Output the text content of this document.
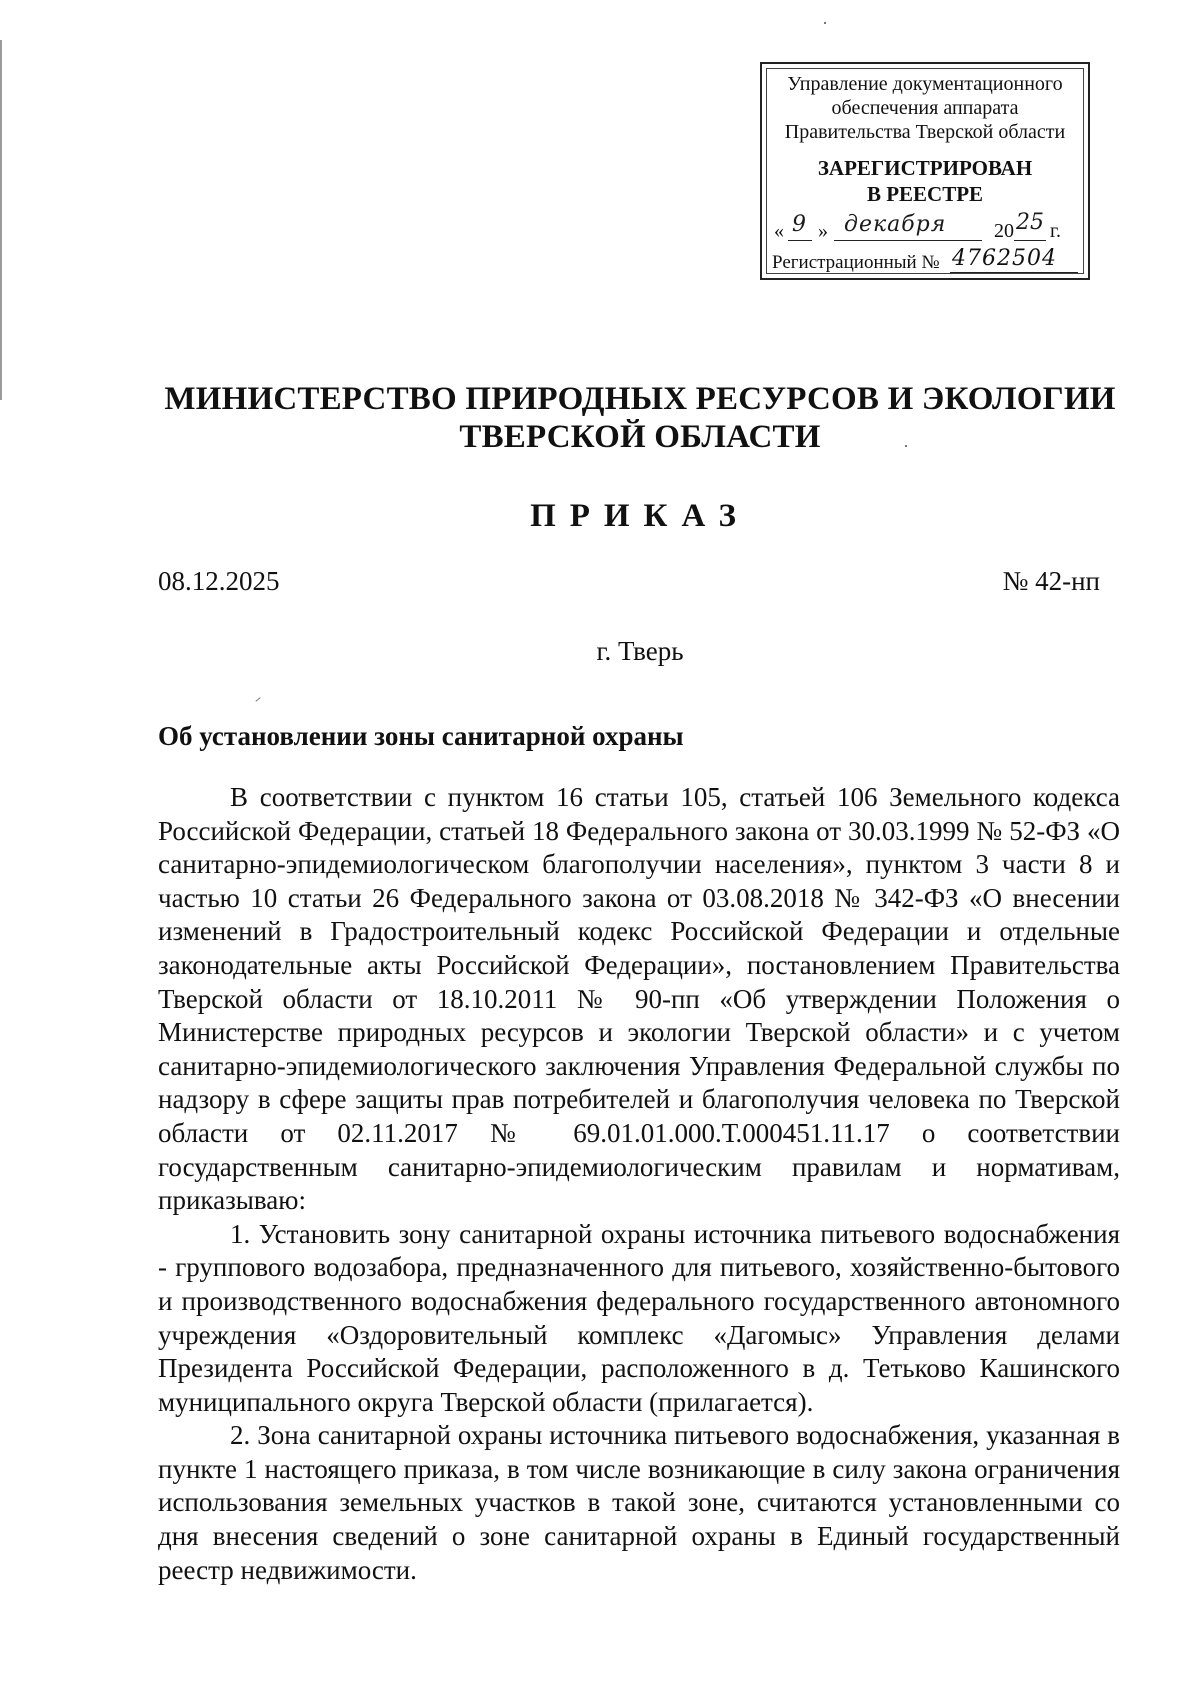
Управление документационного
обеспечения аппарата
Правительства Тверской области
ЗАРЕГИСТРИРОВАН
В РЕЕСТРЕ
« 9 » декабря 20 25 г.
Регистрационный № 4762504
МИНИСТЕРСТВО ПРИРОДНЫХ РЕСУРСОВ И ЭКОЛОГИИ
ТВЕРСКОЙ ОБЛАСТИ
ПРИКАЗ
08.12.2025	№ 42-нп
г. Тверь
Об установлении зоны санитарной охраны

В соответствии с пунктом 16 статьи 105, статьей 106 Земельного кодекса Российской Федерации, статьей 18 Федерального закона от 30.03.1999 № 52-ФЗ «О санитарно-эпидемиологическом благополучии населения», пунктом 3 части 8 и частью 10 статьи 26 Федерального закона от 03.08.2018 № 342-ФЗ «О внесении изменений в Градостроительный кодекс Российской Федерации и отдельные законодательные акты Российской Федерации», постановлением Правительства Тверской области от 18.10.2011 № 90-пп «Об утверждении Положения о Министерстве природных ресурсов и экологии Тверской области» и с учетом санитарно-эпидемиологического заключения Управления Федеральной службы по надзору в сфере защиты прав потребителей и благополучия человека по Тверской области от 02.11.2017 № 69.01.01.000.Т.000451.11.17 о соответствии государственным санитарно-эпидемиологическим правилам и нормативам, приказываю:

1. Установить зону санитарной охраны источника питьевого водоснабжения - группового водозабора, предназначенного для питьевого, хозяйственно-бытового и производственного водоснабжения федерального государственного автономного учреждения «Оздоровительный комплекс «Дагомыс» Управления делами Президента Российской Федерации, расположенного в д. Тетьково Кашинского муниципального округа Тверской области (прилагается).

2. Зона санитарной охраны источника питьевого водоснабжения, указанная в пункте 1 настоящего приказа, в том числе возникающие в силу закона ограничения использования земельных участков в такой зоне, считаются установленными со дня внесения сведений о зоне санитарной охраны в Единый государственный реестр недвижимости.
